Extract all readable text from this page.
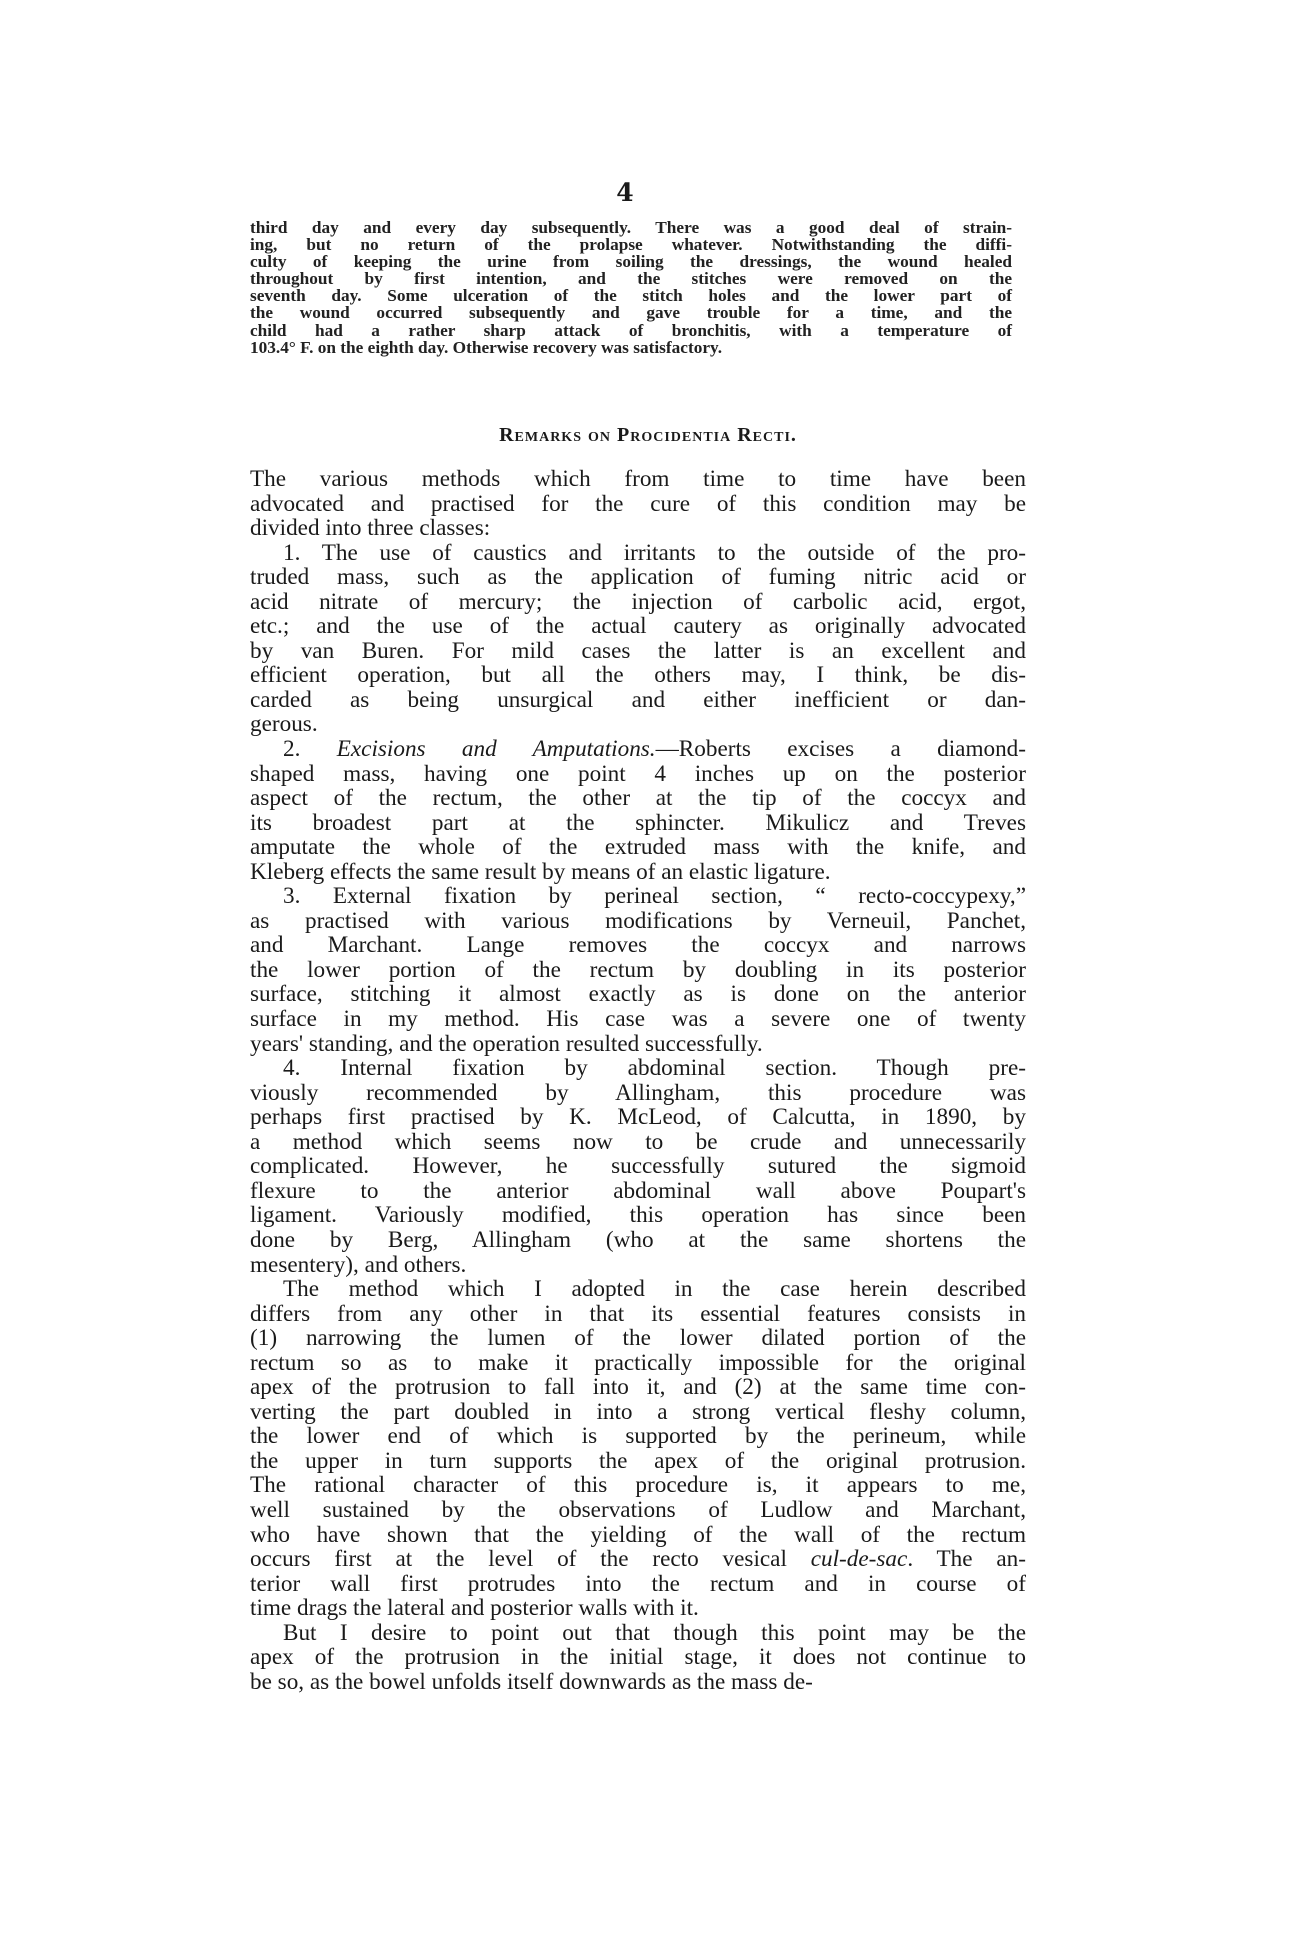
4
third day and every day subsequently. There was a good deal of strain-
ing, but no return of the prolapse whatever. Notwithstanding the diffi-
culty of keeping the urine from soiling the dressings, the wound healed
throughout by first intention, and the stitches were removed on the
seventh day. Some ulceration of the stitch holes and the lower part of
the wound occurred subsequently and gave trouble for a time, and the
child had a rather sharp attack of bronchitis, with a temperature of
103.4° F. on the eighth day. Otherwise recovery was satisfactory.
Remarks on Procidentia Recti.
The various methods which from time to time have been
advocated and practised for the cure of this condition may be
divided into three classes:
1. The use of caustics and irritants to the outside of the pro-
truded mass, such as the application of fuming nitric acid or
acid nitrate of mercury; the injection of carbolic acid, ergot,
etc.; and the use of the actual cautery as originally advocated
by van Buren. For mild cases the latter is an excellent and
efficient operation, but all the others may, I think, be dis-
carded as being unsurgical and either inefficient or dan-
gerous.
2. Excisions and Amputations.—Roberts excises a diamond-
shaped mass, having one point 4 inches up on the posterior
aspect of the rectum, the other at the tip of the coccyx and
its broadest part at the sphincter. Mikulicz and Treves
amputate the whole of the extruded mass with the knife, and
Kleberg effects the same result by means of an elastic ligature.
3. External fixation by perineal section, “ recto-coccypexy,”
as practised with various modifications by Verneuil, Panchet,
and Marchant. Lange removes the coccyx and narrows
the lower portion of the rectum by doubling in its posterior
surface, stitching it almost exactly as is done on the anterior
surface in my method. His case was a severe one of twenty
years' standing, and the operation resulted successfully.
4. Internal fixation by abdominal section. Though pre-
viously recommended by Allingham, this procedure was
perhaps first practised by K. McLeod, of Calcutta, in 1890, by
a method which seems now to be crude and unnecessarily
complicated. However, he successfully sutured the sigmoid
flexure to the anterior abdominal wall above Poupart's
ligament. Variously modified, this operation has since been
done by Berg, Allingham (who at the same shortens the
mesentery), and others.
The method which I adopted in the case herein described
differs from any other in that its essential features consists in
(1) narrowing the lumen of the lower dilated portion of the
rectum so as to make it practically impossible for the original
apex of the protrusion to fall into it, and (2) at the same time con-
verting the part doubled in into a strong vertical fleshy column,
the lower end of which is supported by the perineum, while
the upper in turn supports the apex of the original protrusion.
The rational character of this procedure is, it appears to me,
well sustained by the observations of Ludlow and Marchant,
who have shown that the yielding of the wall of the rectum
occurs first at the level of the recto vesical cul-de-sac. The an-
terior wall first protrudes into the rectum and in course of
time drags the lateral and posterior walls with it.
But I desire to point out that though this point may be the
apex of the protrusion in the initial stage, it does not continue to
be so, as the bowel unfolds itself downwards as the mass de-
